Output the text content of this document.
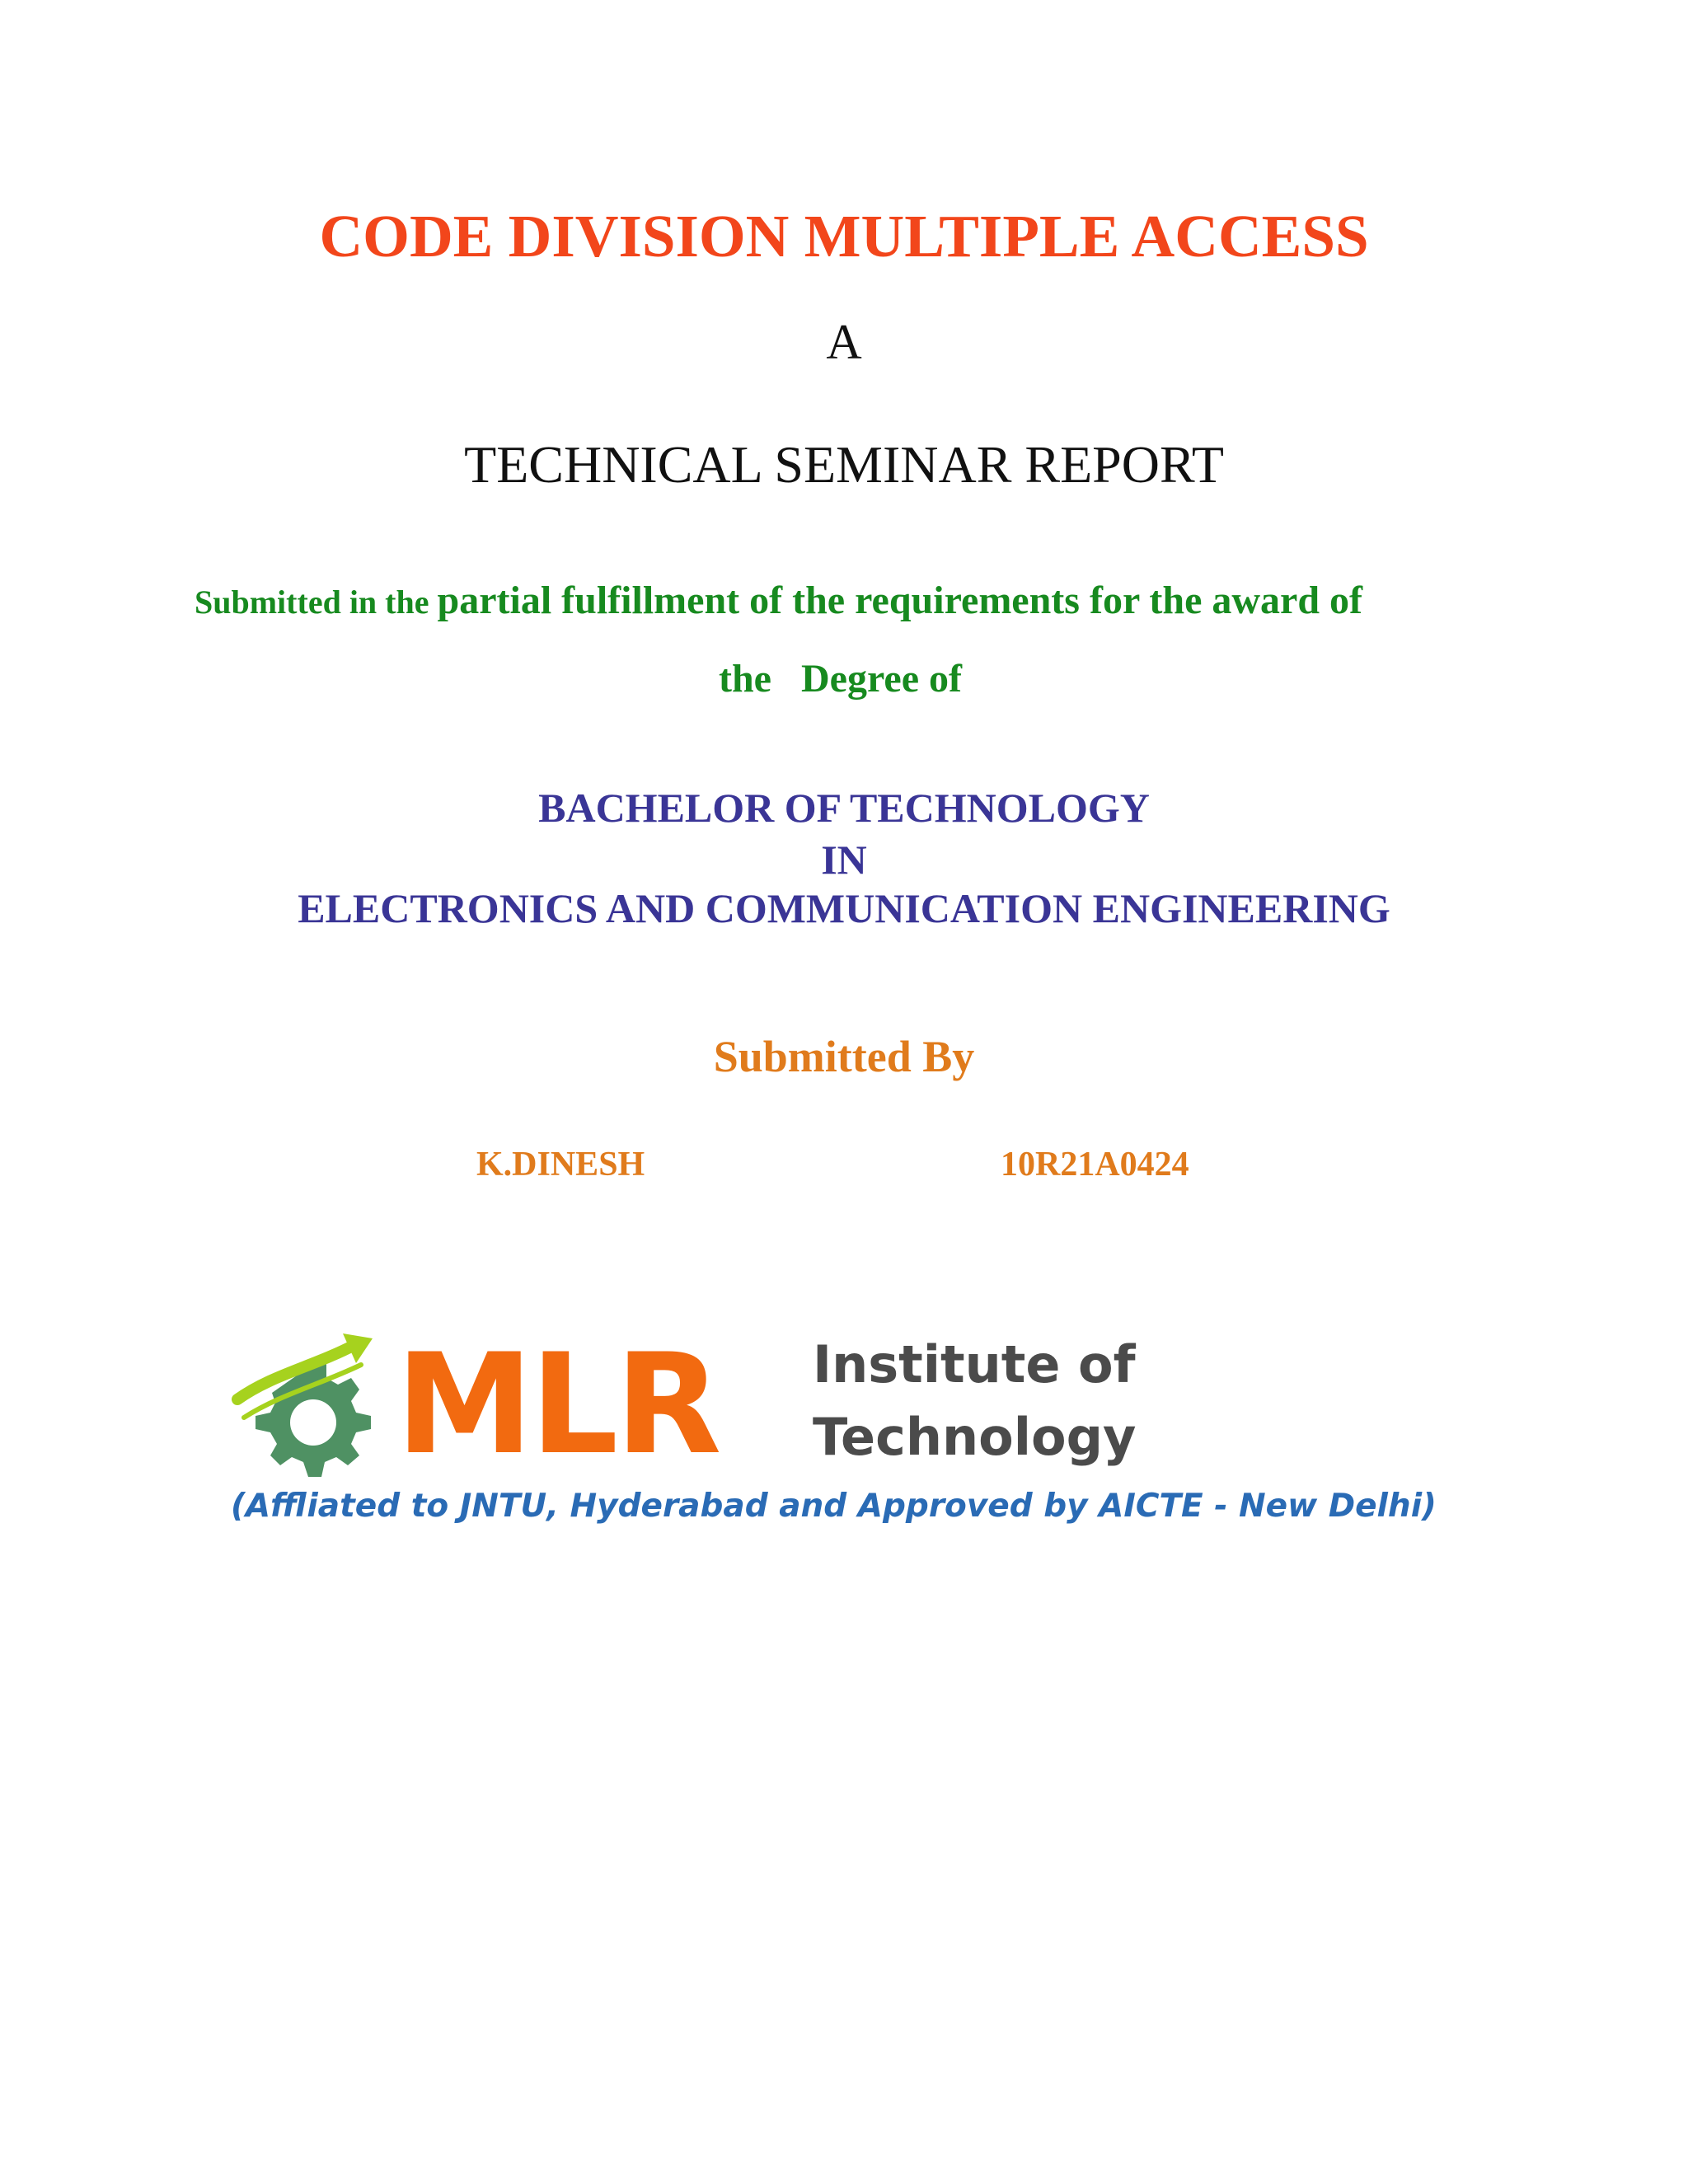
CODE DIVISION MULTIPLE ACCESS
A
TECHNICAL SEMINAR REPORT
Submitted in the partial fulfillment of the requirements for the award of
the   Degree of
BACHELOR OF TECHNOLOGY
IN
ELECTRONICS AND COMMUNICATION ENGINEERING
Submitted By
K.DINESH	10R21A0424
MLR Institute of
Technology
(Affliated to JNTU, Hyderabad and Approved by AICTE - New Delhi)
